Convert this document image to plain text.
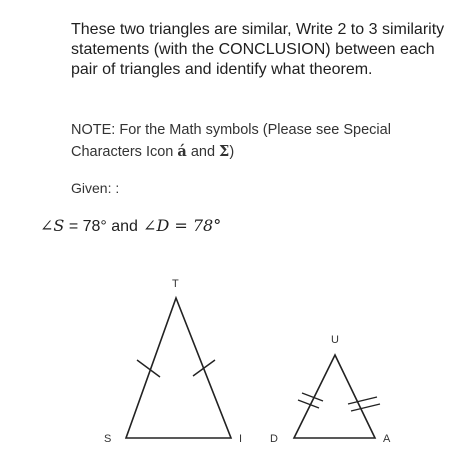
These two triangles are similar, Write 2 to 3 similarity statements (with the CONCLUSION) between each pair of triangles and identify what theorem.

NOTE: For the Math symbols (Please see Special Characters Icon á and Σ)

Given: :

∠S = 78° and ∠D = 78°
T
S	I
U
D	A
